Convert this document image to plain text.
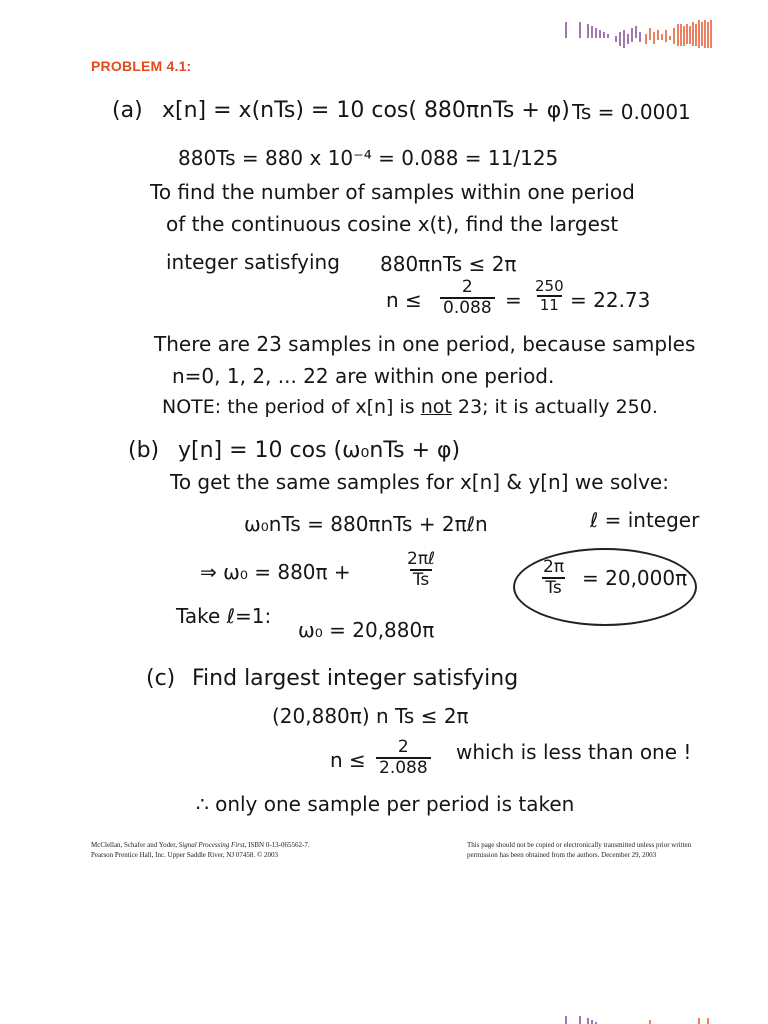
PROBLEM 4.1:
(a) x[n] = x(nTs) = 10 cos( 880πnTs + φ) Ts = 0.0001
880Ts = 880 x 10⁻⁴ = 0.088 = 11/125
To find the number of samples within one period
of the continuous cosine x(t), find the largest
integer satisfying 880πnTs ≤ 2π
$n \le \frac{2}{0.088} = \frac{250}{11} = 22.73$
There are 23 samples in one period, because samples
n=0, 1, 2, ... 22 are within one period.
NOTE: the period of x[n] is not 23; it is actually 250.
(b) y[n] = 10 cos (ω₀nTs + φ)
To get the same samples for x[n] & y[n] we solve:
ω₀nTs = 880πnTs + 2πℓn	ℓ = integer
⇒ ω₀ = 880π +
2πℓ
Ts	$\frac{2\pi}{Ts} = 20,000\pi$
Take ℓ=1:
ω₀ = 20,880π
(c) Find largest integer satisfying
(20,880π) n Ts ≤ 2π
$n \le \frac{2}{2.088}$ which is less than one !
∴ only one sample per period is taken
McClellan, Schafer and Yoder, Signal Processing First, ISBN 0-13-065562-7.
Pearson Prentice Hall, Inc. Upper Saddle River, NJ 07458. © 2003
This page should not be copied or electronically transmitted unless prior written
permission has been obtained from the authors. December 29, 2003
